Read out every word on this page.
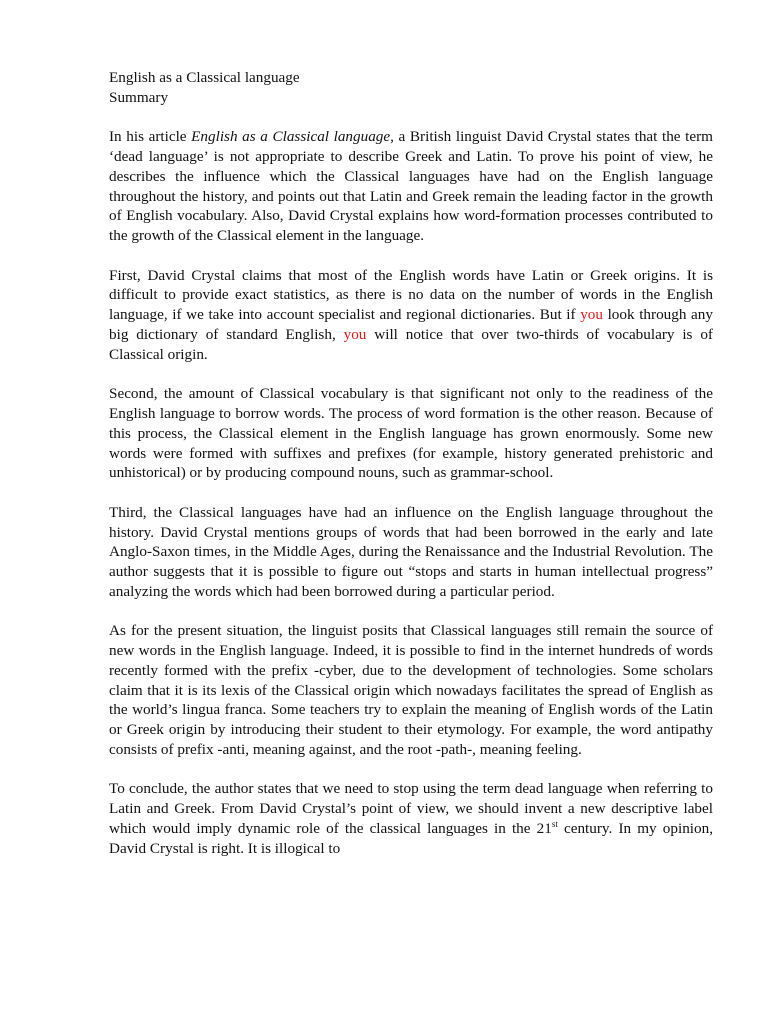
English as a Classical language
Summary

In his article English as a Classical language, a British linguist David Crystal states that the term ‘dead language’ is not appropriate to describe Greek and Latin. To prove his point of view, he describes the influence which the Classical languages have had on the English language throughout the history, and points out that Latin and Greek remain the leading factor in the growth of English vocabulary. Also, David Crystal explains how word-formation processes contributed to the growth of the Classical element in the language.

First, David Crystal claims that most of the English words have Latin or Greek origins. It is difficult to provide exact statistics, as there is no data on the number of words in the English language, if we take into account specialist and regional dictionaries. But if you look through any big dictionary of standard English, you will notice that over two-thirds of vocabulary is of Classical origin.

Second, the amount of Classical vocabulary is that significant not only to the readiness of the English language to borrow words. The process of word formation is the other reason. Because of this process, the Classical element in the English language has grown enormously. Some new words were formed with suffixes and prefixes (for example, history generated prehistoric and unhistorical) or by producing compound nouns, such as grammar-school.

Third, the Classical languages have had an influence on the English language throughout the history. David Crystal mentions groups of words that had been borrowed in the early and late Anglo-Saxon times, in the Middle Ages, during the Renaissance and the Industrial Revolution. The author suggests that it is possible to figure out “stops and starts in human intellectual progress” analyzing the words which had been borrowed during a particular period.

As for the present situation, the linguist posits that Classical languages still remain the source of new words in the English language. Indeed, it is possible to find in the internet hundreds of words recently formed with the prefix -cyber, due to the development of technologies. Some scholars claim that it is its lexis of the Classical origin which nowadays facilitates the spread of English as the world’s lingua franca. Some teachers try to explain the meaning of English words of the Latin or Greek origin by introducing their student to their etymology. For example, the word antipathy consists of prefix -anti, meaning against, and the root -path-, meaning feeling.

To conclude, the author states that we need to stop using the term dead language when referring to Latin and Greek. From David Crystal’s point of view, we should invent a new descriptive label which would imply dynamic role of the classical languages in the 21st century. In my opinion, David Crystal is right. It is illogical to
